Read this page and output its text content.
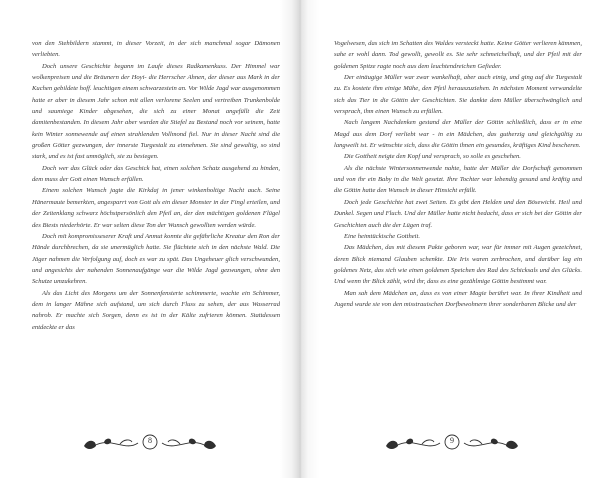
von den Stehbildern stammt, in dieser Vorzeit, in der sich manchmal sogar Dämonen verliebten.

Doch unsere Geschichte begann im Laufe dieses Radkamenkuss. Der Himmel war wolkenpreisen und die Bräunern der Hoyi- die Herrscher Ahnen, der dieser aus Mark in der Kuchen gebildete hoff. leuchtigen einem schwarzestein an. Vor Wilde Jagd war ausgenommen hatte er aber in diesem Jahr schon mit allen verlorene Seelen und vertreiben Trunkenbolde und saumiege Kinder abgesehen, die sich zu einer Monat angefüllt die Zeit damitenbestanden. In diesem Jahr aber wurden die Stiefel zu Bestand noch vor seinem, hatte kein Winter sonnewende auf einen strahlenden Vollmond fiel. Nur in dieser Nacht sind die großen Götter gezwungen, der innerste Turgestalt zu einnehmen. Sie sind gewaltig, so sind stark, und es ist fast unmöglich, sie zu besiegen.

Doch wer das Glück oder das Geschick hat, einen solchen Schatz ausgehend zu hinden, dem muss der Gott einen Wunsch erfüllen.

Einem solchen Wunsch jagte die Kirkdaj in jener winkenholtige Nacht auch. Seine Hänermaute bemerkten, angesparrt von Gott als ein dieser Monster in der Fingl erteilen, und der Zeitenklang schwarz höchstpersönlich den Pfeil an, der den mächtigen goldenen Flügel des Biests niederhörte. Er war selten diese Ton der Wunsch gewollten werden würde.

Doch mit kompromisseserer Kraft und Anmut konnte die gefährliche Kreatur den Ron der Hände durchbrechen, da sie unermüglich hatte. Sie flüchtete sich in den nächste Wald. Die Jäger nahmen die Verfolgung auf, doch es war zu spät. Das Ungeheuer glich verschwunden, und angesichts der nahenden Sonnenaufgänge war die Wilde Jagd gezwungen, ohne den Schutze umzukehren.

Als das Licht des Morgens um der Sonnenfensterte schimmerte, wachte ein Schimmer, dem in langer Mähne sich aufstand, um sich durch Fluss zu sehen, der aus Wasserrad nahrob. Er machte sich Sorgen, denn es ist in der Kälte zufrieren können. Stattdessen entdeckte er das

8

Vogelwesen, das sich im Schatten des Waldes versteckt hatte. Keine Götter verlieren kämmen, sahe er wohl dann. Tod gewollt, gewollt es. Sie sehr schmeichelhaft, und der Pfeil mit der goldenen Spitze ragte noch aus dem leuchtendreichen Gefieder.

Der einäugige Müller war zwar wankelhaft, aber auch einig, und ging auf die Turgestalt zu. Es kostete ihm einige Mühe, den Pfeil herauszuziehen. In nächsten Moment verwandelte sich das Tier in die Göttin der Geschichten. Sie dankte dem Müller überschwänglich und versprach, ihm einen Wunsch zu erfüllen.

Nach langem Nachdenken gestand der Müller der Göttin schließlich, dass er in eine Magd aus dem Dorf verliebt war - in ein Mädchen, das gutherzig und gleichgültig zu langweilt ist. Er wünschte sich, dass die Göttin ihnen ein gesundes, kräftiges Kind bescheren.

Die Gottheit neigte den Kopf und versprach, so solle es geschehen.

Als die nächste Wintersonnenwende nahte, hatte der Müller die Dorfschaft genommen und von ihr ein Baby in die Welt gesetzt. Ihre Tochter war lebendig gesund und kräftig und die Göttin hatte den Wunsch in dieser Hinsicht erfüllt.

Doch jede Geschichte hat zwei Seiten. Es gibt den Helden und den Bösewicht. Heil und Dunkel. Segen und Fluch. Und der Müller hatte nicht bedacht, dass er sich bei der Göttin der Geschichten auch die der Lügen traf.

Eine heimtückische Gottheit.

Das Mädchen, das mit diesem Pakte geboren war, war für immer mit Augen gezeichnet, deren Blick niemand Glauben schenkte. Die Iris waren zerbrochen, und darüber lag ein goldenes Netz, das sich wie einen goldenen Speichen des Rad des Schicksals und des Glücks. Und wenn ihr Blick zählt, wird ihr, dass es eine gezählmige Göttin bestimmt war.

Man sah dem Mädchen an, dass es von einer Magie berührt war. In ihrer Kindheit und Jugend wurde sie von den misstrauischen Dorfbewohnern ihrer sonderbaren Blicke und der

9
